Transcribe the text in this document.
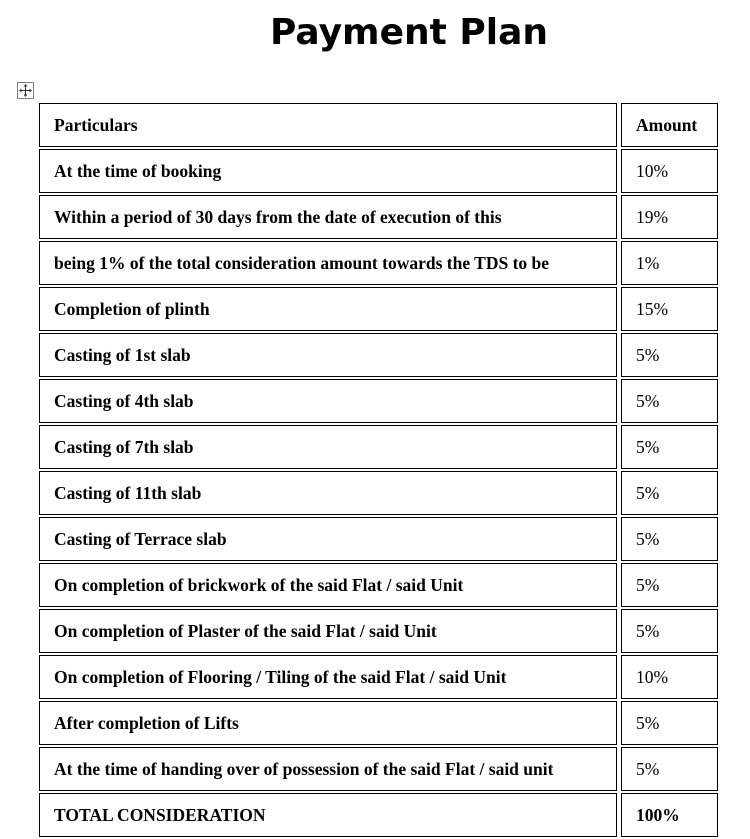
Payment Plan
Particulars	Amount
At the time of booking	10%
Within a period of 30 days from the date of execution of this	19%
being 1% of the total consideration amount towards the TDS to be	1%
Completion of plinth	15%
Casting of 1st slab	5%
Casting of 4th slab	5%
Casting of 7th slab	5%
Casting of 11th slab	5%
Casting of Terrace slab	5%
On completion of brickwork of the said Flat / said Unit	5%
On completion of Plaster of the said Flat / said Unit	5%
On completion of Flooring / Tiling of the said Flat / said Unit	10%
After completion of Lifts	5%
At the time of handing over of possession of the said Flat / said unit	5%
TOTAL CONSIDERATION	100%
